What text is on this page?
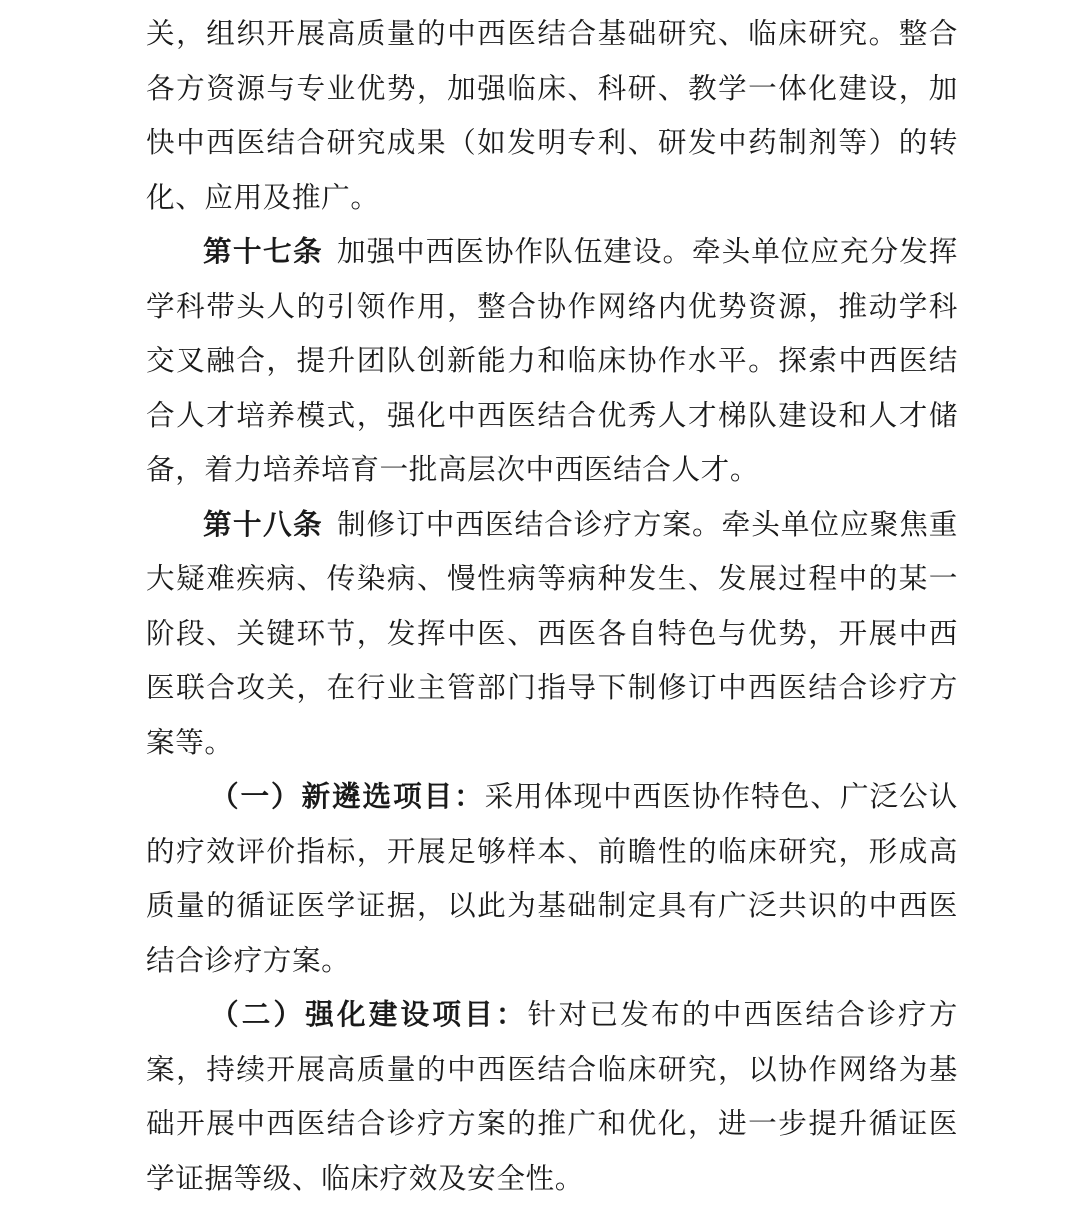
关，组织开展高质量的中西医结合基础研究、临床研究。整合各方资源与专业优势，加强临床、科研、教学一体化建设，加快中西医结合研究成果（如发明专利、研发中药制剂等）的转化、应用及推广。

第十七条 加强中西医协作队伍建设。牵头单位应充分发挥学科带头人的引领作用，整合协作网络内优势资源，推动学科交叉融合，提升团队创新能力和临床协作水平。探索中西医结合人才培养模式，强化中西医结合优秀人才梯队建设和人才储备，着力培养培育一批高层次中西医结合人才。

第十八条 制修订中西医结合诊疗方案。牵头单位应聚焦重大疑难疾病、传染病、慢性病等病种发生、发展过程中的某一阶段、关键环节，发挥中医、西医各自特色与优势，开展中西医联合攻关，在行业主管部门指导下制修订中西医结合诊疗方案等。

（一）新遴选项目：采用体现中西医协作特色、广泛公认的疗效评价指标，开展足够样本、前瞻性的临床研究，形成高质量的循证医学证据，以此为基础制定具有广泛共识的中西医结合诊疗方案。

（二）强化建设项目：针对已发布的中西医结合诊疗方案，持续开展高质量的中西医结合临床研究，以协作网络为基础开展中西医结合诊疗方案的推广和优化，进一步提升循证医学证据等级、临床疗效及安全性。
